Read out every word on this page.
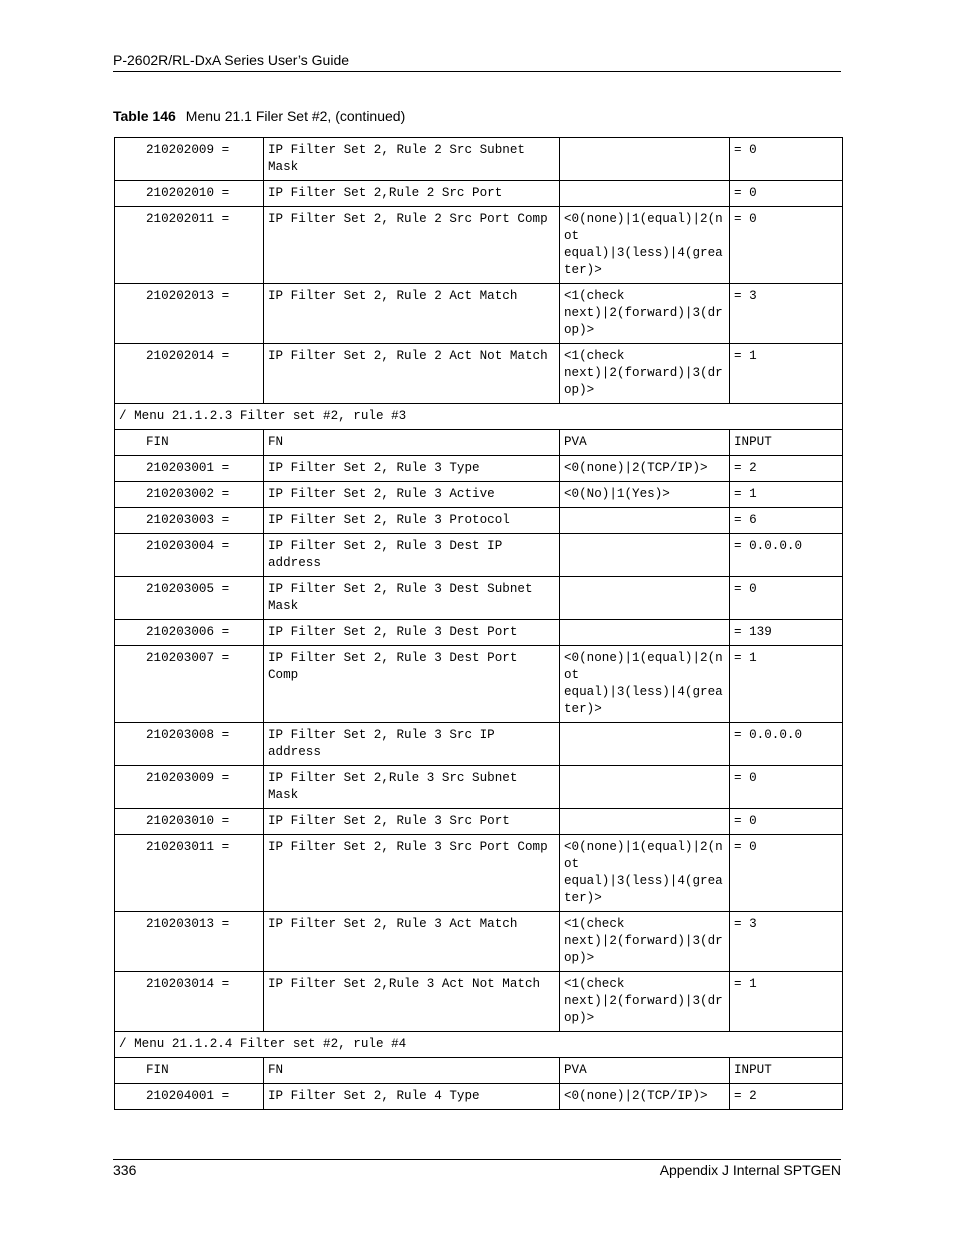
P-2602R/RL-DxA Series User’s Guide
Table 146 Menu 21.1 Filer Set #2, (continued)
210202009 =	IP Filter Set 2, Rule 2 Src Subnet Mask		= 0
210202010 =	IP Filter Set 2,Rule 2 Src Port		= 0
210202011 =	IP Filter Set 2, Rule 2 Src Port Comp	<0(none)|1(equal)|2(not equal)|3(less)|4(greater)>	= 0
210202013 =	IP Filter Set 2, Rule 2 Act Match	<1(check next)|2(forward)|3(drop)>	= 3
210202014 =	IP Filter Set 2, Rule 2 Act Not Match	<1(check next)|2(forward)|3(drop)>	= 1
/ Menu 21.1.2.3 Filter set #2, rule #3			
FIN	FN	PVA	INPUT
210203001 =	IP Filter Set 2, Rule 3 Type	<0(none)|2(TCP/IP)>	= 2
210203002 =	IP Filter Set 2, Rule 3 Active	<0(No)|1(Yes)>	= 1
210203003 =	IP Filter Set 2, Rule 3 Protocol		= 6
210203004 =	IP Filter Set 2, Rule 3 Dest IP address		= 0.0.0.0
210203005 =	IP Filter Set 2, Rule 3 Dest Subnet Mask		= 0
210203006 =	IP Filter Set 2, Rule 3 Dest Port		= 139
210203007 =	IP Filter Set 2, Rule 3 Dest Port Comp	<0(none)|1(equal)|2(not equal)|3(less)|4(greater)>	= 1
210203008 =	IP Filter Set 2, Rule 3 Src IP address		= 0.0.0.0
210203009 =	IP Filter Set 2,Rule 3 Src Subnet Mask		= 0
210203010 =	IP Filter Set 2, Rule 3 Src Port		= 0
210203011 =	IP Filter Set 2, Rule 3 Src Port Comp	<0(none)|1(equal)|2(not equal)|3(less)|4(greater)>	= 0
210203013 =	IP Filter Set 2, Rule 3 Act Match	<1(check next)|2(forward)|3(drop)>	= 3
210203014 =	IP Filter Set 2,Rule 3 Act Not Match	<1(check next)|2(forward)|3(drop)>	= 1
/ Menu 21.1.2.4 Filter set #2, rule #4			
FIN	FN	PVA	INPUT
210204001 =	IP Filter Set 2, Rule 4 Type	<0(none)|2(TCP/IP)>	= 2
336	Appendix J Internal SPTGEN
